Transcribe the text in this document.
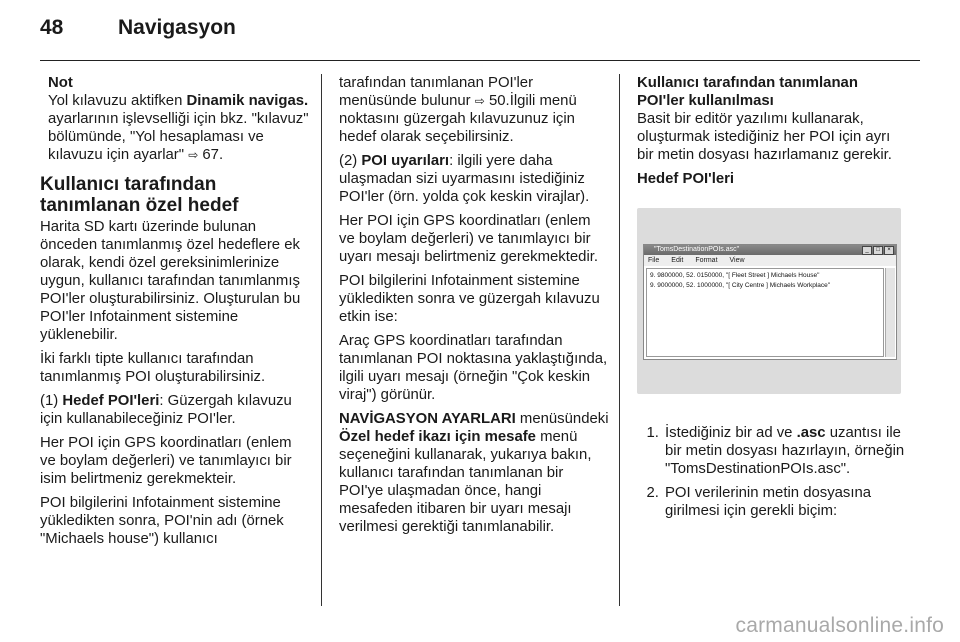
48	Navigasyon
Not

Yol kılavuzu aktifken Dinamik navigas. ayarlarının işlevselliği için bkz. "kılavuz" bölümünde, "Yol hesaplaması ve kılavuzu için ayarlar" ⇨ 67.

Kullanıcı tarafından tanımlanan özel hedef

Harita SD kartı üzerinde bulunan önceden tanımlanmış özel hedeflere ek olarak, kendi özel gereksinimlerinize uygun, kullanıcı tarafından tanımlanmış POI'ler oluşturabilirsiniz. Oluşturulan bu POI'ler Infotainment sistemine yüklenebilir.

İki farklı tipte kullanıcı tarafından tanımlanmış POI oluşturabilirsiniz.

(1) Hedef POI'leri: Güzergah kılavuzu için kullanabileceğiniz POI'ler.

Her POI için GPS koordinatları (enlem ve boylam değerleri) ve tanımlayıcı bir isim belirtmeniz gerekmekteir.

POI bilgilerini Infotainment sistemine yükledikten sonra, POI'nin adı (örnek "Michaels house") kullanıcı

tarafından tanımlanan POI'ler menüsünde bulunur ⇨ 50.İlgili menü noktasını güzergah kılavuzunuz için hedef olarak seçebilirsiniz.

(2) POI uyarıları: ilgili yere daha ulaşmadan sizi uyarmasını istediğiniz POI'ler (örn. yolda çok keskin virajlar).

Her POI için GPS koordinatları (enlem ve boylam değerleri) ve tanımlayıcı bir uyarı mesajı belirtmeniz gerekmektedir.

POI bilgilerini Infotainment sistemine yükledikten sonra ve güzergah kılavuzu etkin ise:

Araç GPS koordinatları tarafından tanımlanan POI noktasına yaklaştığında, ilgili uyarı mesajı (örneğin "Çok keskin viraj") görünür.

NAVİGASYON AYARLARI menüsündeki Özel hedef ikazı için mesafe menü seçeneğini kullanarak, yukarıya bakın, kullanıcı tarafından tanımlanan bir POI'ye ulaşmadan önce, hangi mesafeden itibaren bir uyarı mesajı verilmesi gerektiği tanımlanabilir.

Kullanıcı tarafından tanımlanan POI'ler kullanılması

Basit bir editör yazılımı kullanarak, oluşturmak istediğiniz her POI için ayrı bir metin dosyası hazırlamanız gerekir.

Hedef POI'leri
"TomsDestinationPOIs.asc"	_	□	×
File Edit Format View
9. 9800000, 52. 0150000, "[ Fleet Street ] Michaels House"
9. 9000000, 52. 1000000, "[ City Centre ] Michaels Workplace"
1. İstediğiniz bir ad ve .asc uzantısı ile bir metin dosyası hazırlayın, örneğin "TomsDestinationPOIs.asc".
2. POI verilerinin metin dosyasına girilmesi için gerekli biçim:
carmanualsonline.info
